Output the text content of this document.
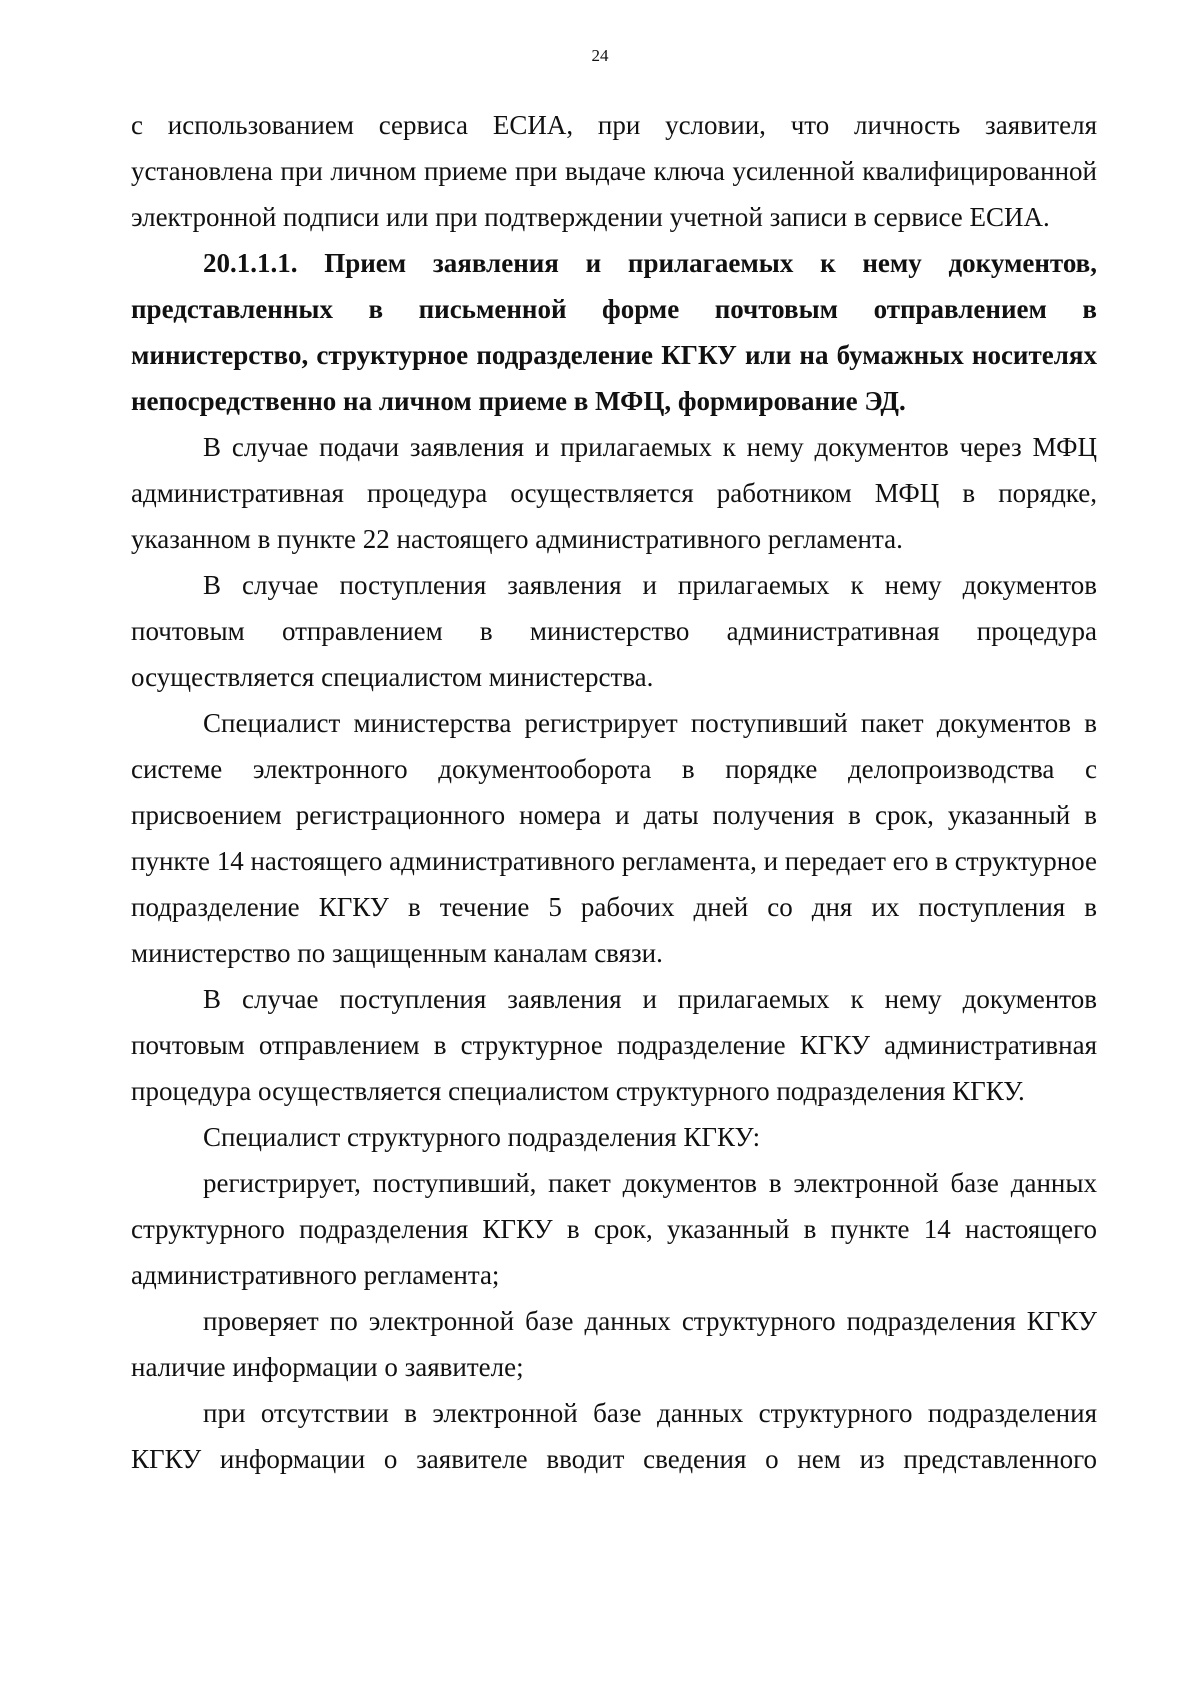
24

с использованием сервиса ЕСИА, при условии, что личность заявителя установлена при личном приеме при выдаче ключа усиленной квалифицированной электронной подписи или при подтверждении учетной записи в сервисе ЕСИА.

20.1.1.1. Прием заявления и прилагаемых к нему документов, представленных в письменной форме почтовым отправлением в министерство, структурное подразделение КГКУ или на бумажных носителях непосредственно на личном приеме в МФЦ, формирование ЭД.

В случае подачи заявления и прилагаемых к нему документов через МФЦ административная процедура осуществляется работником МФЦ в порядке, указанном в пункте 22 настоящего административного регламента.

В случае поступления заявления и прилагаемых к нему документов почтовым отправлением в министерство административная процедура осуществляется специалистом министерства.

Специалист министерства регистрирует поступивший пакет документов в системе электронного документооборота в порядке делопроизводства с присвоением регистрационного номера и даты получения в срок, указанный в пункте 14 настоящего административного регламента, и передает его в структурное подразделение КГКУ в течение 5 рабочих дней со дня их поступления в министерство по защищенным каналам связи.

В случае поступления заявления и прилагаемых к нему документов почтовым отправлением в структурное подразделение КГКУ административная процедура осуществляется специалистом структурного подразделения КГКУ.

Специалист структурного подразделения КГКУ:

регистрирует, поступивший, пакет документов в электронной базе данных структурного подразделения КГКУ в срок, указанный в пункте 14 настоящего административного регламента;

проверяет по электронной базе данных структурного подразделения КГКУ наличие информации о заявителе;

при отсутствии в электронной базе данных структурного подразделения КГКУ информации о заявителе вводит сведения о нем из представленного
